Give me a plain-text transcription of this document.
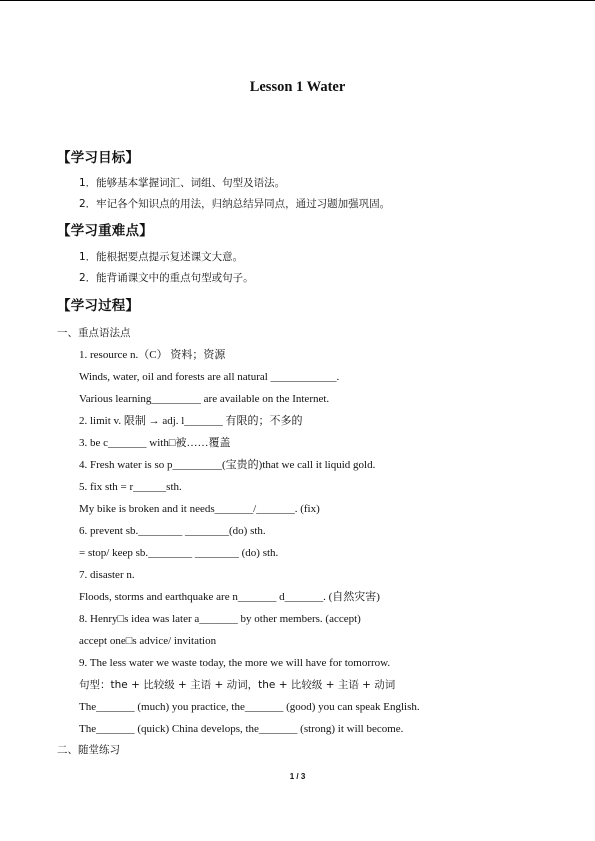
Lesson 1 Water
【学习目标】
1．能够基本掌握词汇、词组、句型及语法。
2．牢记各个知识点的用法，归纳总结异同点，通过习题加强巩固。
【学习重难点】
1．能根据要点提示复述课文大意。
2．能背诵课文中的重点句型或句子。
【学习过程】
一、重点语法点
1. resource n.（C） 资料；资源
Winds, water, oil and forests are all natural ____________.
Various learning_________ are available on the Internet.
2. limit v. 限制 → adj. l_______ 有限的；不多的
3. be c_______ with□被……覆盖
4. Fresh water is so p_________(宝贵的)that we call it liquid gold.
5. fix sth = r______sth.
My bike is broken and it needs_______/_______. (fix)
6. prevent sb.________ ________(do) sth.
= stop/ keep sb.________ ________ (do) sth.
7. disaster n.
Floods, storms and earthquake are n_______ d_______. (自然灾害)
8. Henry□s idea was later a_______ by other members. (accept)
accept one□s advice/ invitation
9. The less water we waste today, the more we will have for tomorrow.
句型：the + 比较级 + 主语 + 动词，the + 比较级 + 主语 + 动词
The_______ (much) you practice, the_______ (good) you can speak English.
The_______ (quick) China develops, the_______ (strong) it will become.
二、随堂练习
1 / 3
